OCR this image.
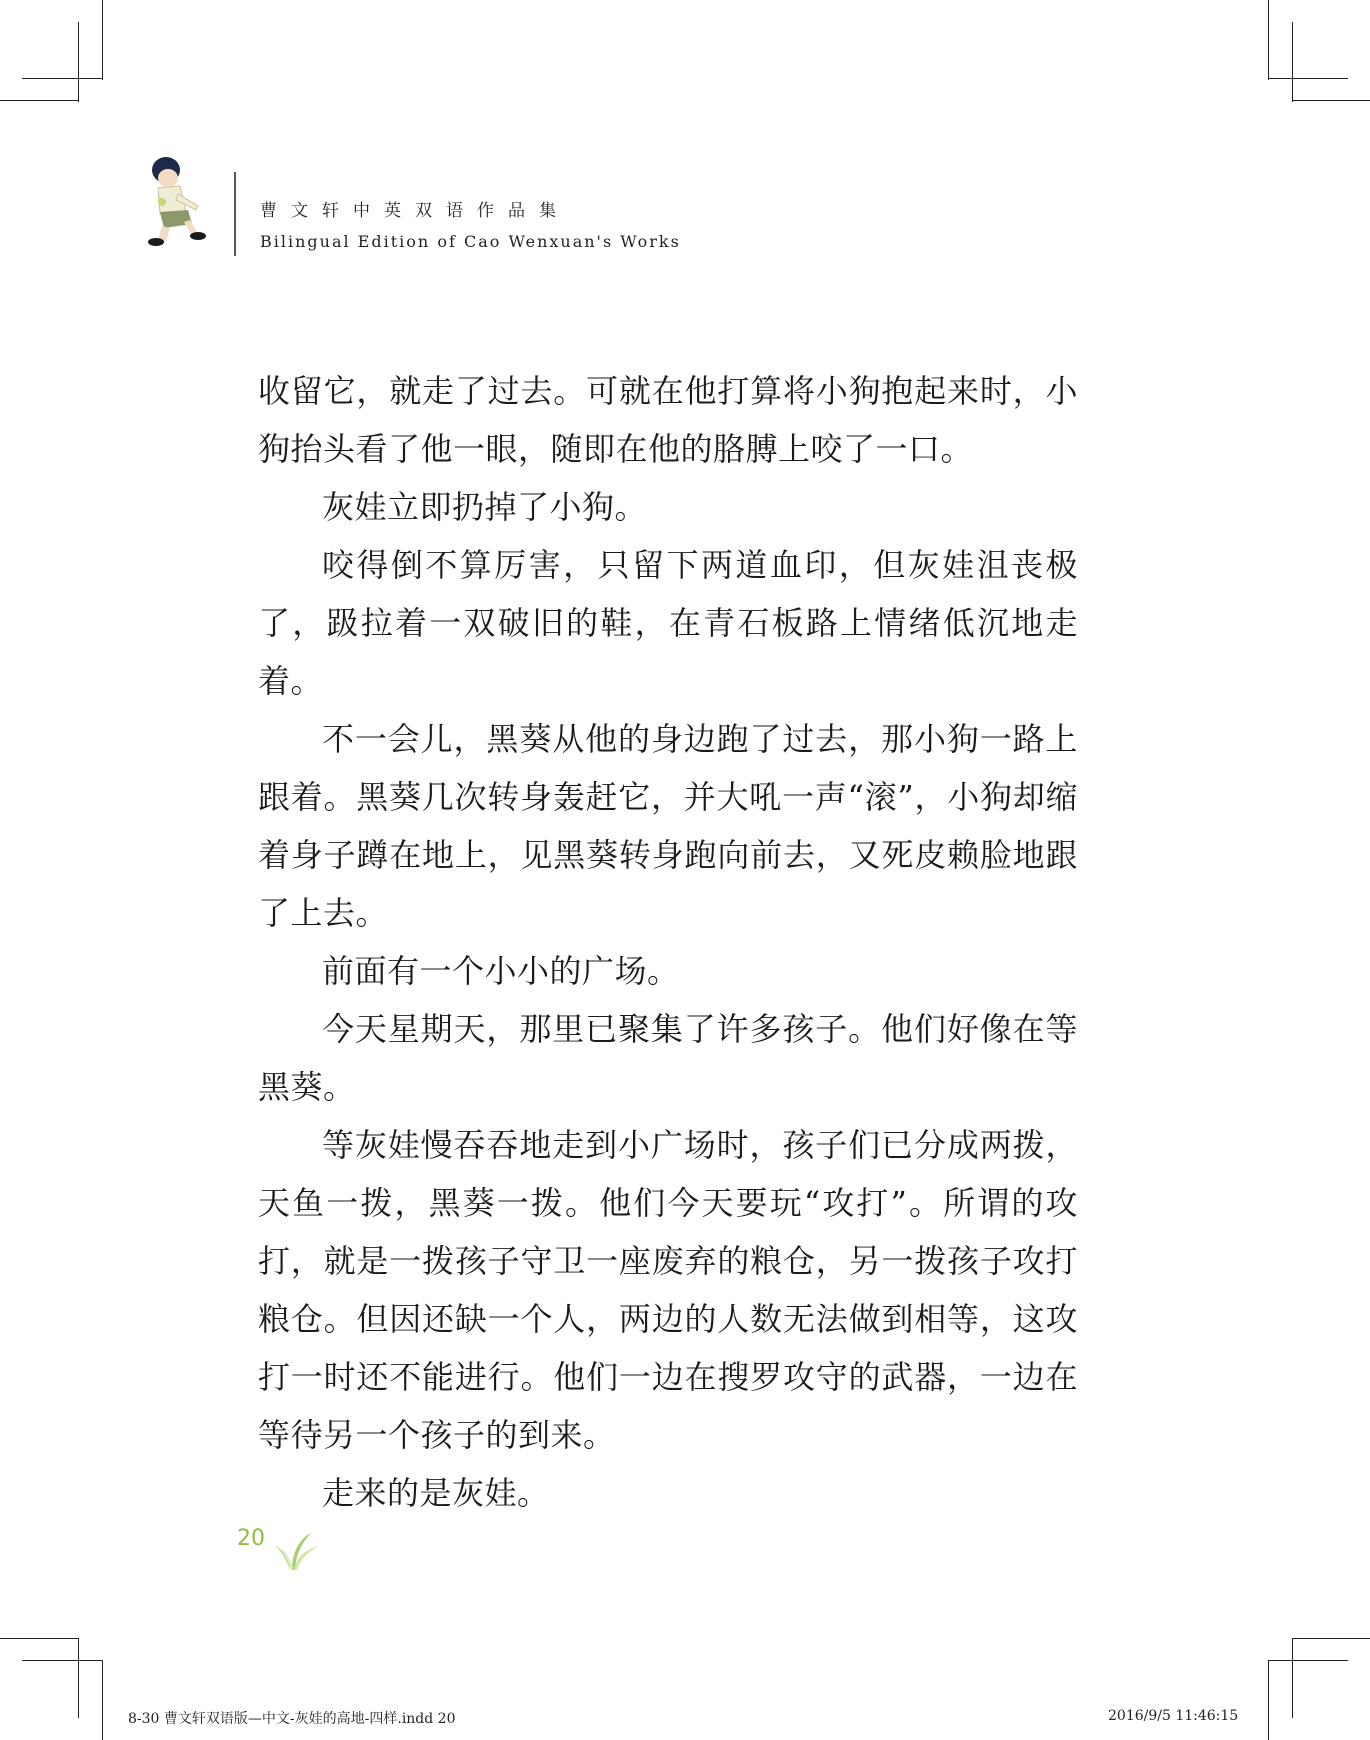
曹文轩中英双语作品集
Bilingual Edition of Cao Wenxuan's Works

收留它，就走了过去。可就在他打算将小狗抱起来时，小狗抬头看了他一眼，随即在他的胳膊上咬了一口。

灰娃立即扔掉了小狗。

咬得倒不算厉害，只留下两道血印，但灰娃沮丧极了，趿拉着一双破旧的鞋，在青石板路上情绪低沉地走着。

不一会儿，黑葵从他的身边跑了过去，那小狗一路上跟着。黑葵几次转身轰赶它，并大吼一声“滚”，小狗却缩着身子蹲在地上，见黑葵转身跑向前去，又死皮赖脸地跟了上去。

前面有一个小小的广场。

今天星期天，那里已聚集了许多孩子。他们好像在等黑葵。

等灰娃慢吞吞地走到小广场时，孩子们已分成两拨，天鱼一拨，黑葵一拨。他们今天要玩“攻打”。所谓的攻打，就是一拨孩子守卫一座废弃的粮仓，另一拨孩子攻打粮仓。但因还缺一个人，两边的人数无法做到相等，这攻打一时还不能进行。他们一边在搜罗攻守的武器，一边在等待另一个孩子的到来。

走来的是灰娃。

20
8-30 曹文轩双语版—中文-灰娃的高地-四样.indd 20	2016/9/5 11:46:15
